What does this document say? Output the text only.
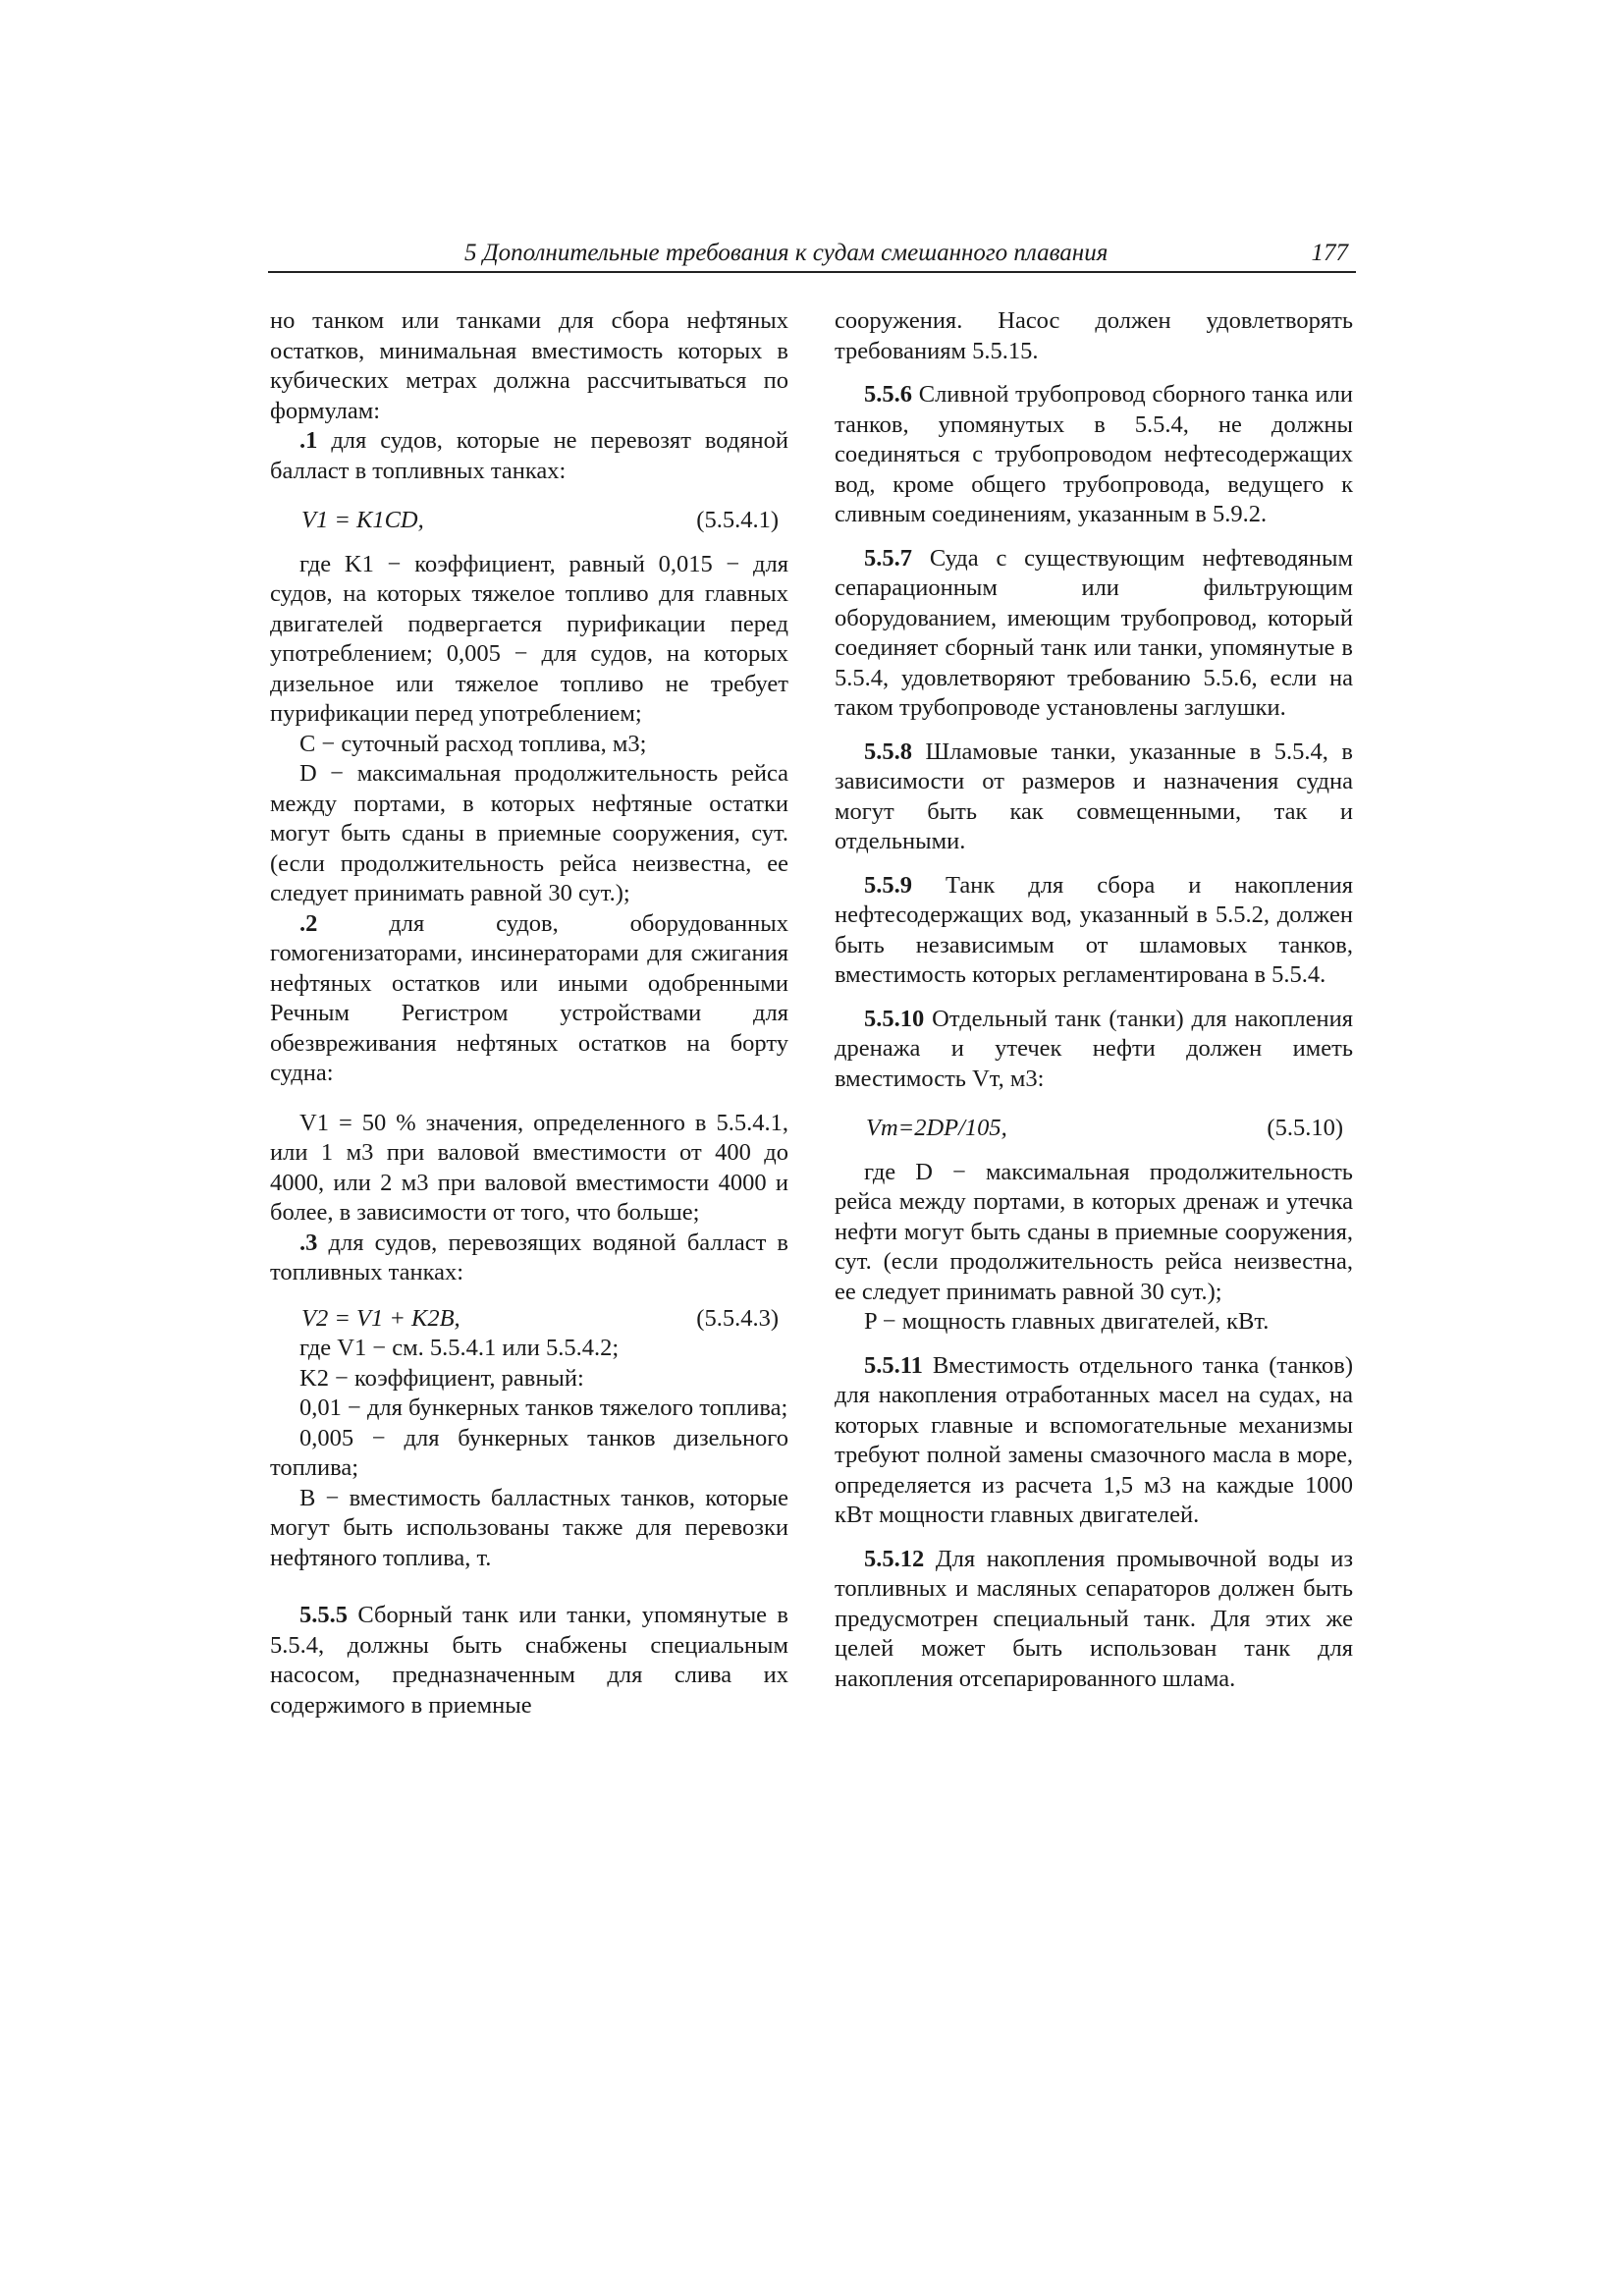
5 Дополнительные требования к судам смешанного плавания	177

но танком или танками для сбора нефтяных остатков, минимальная вместимость которых в кубических метрах должна рассчитываться по формулам:

.1 для судов, которые не перевозят водяной балласт в топливных танках:

V1 = K1CD,	(5.5.4.1)

где K1 − коэффициент, равный 0,015 − для судов, на которых тяжелое топливо для главных двигателей подвергается пурификации перед употреблением; 0,005 − для судов, на которых дизельное или тяжелое топливо не требует пурификации перед употреблением;

C − суточный расход топлива, м3;

D − максимальная продолжительность рейса между портами, в которых нефтяные остатки могут быть сданы в приемные сооружения, сут. (если продолжительность рейса неизвестна, ее следует принимать равной 30 сут.);

.2 для судов, оборудованных гомогенизаторами, инсинераторами для сжигания нефтяных остатков или иными одобренными Речным Регистром устройствами для обезвреживания нефтяных остатков на борту судна:

V1 = 50 % значения, определенного в 5.5.4.1, или 1 м3 при валовой вместимости от 400 до 4000, или 2 м3 при валовой вместимости 4000 и более, в зависимости от того, что больше;

.3 для судов, перевозящих водяной балласт в топливных танках:

V2 = V1 + K2B,	(5.5.4.3)

где V1 − см. 5.5.4.1 или 5.5.4.2;

K2 − коэффициент, равный:

0,01 − для бункерных танков тяжелого топлива;

0,005 − для бункерных танков дизельного топлива;

B − вместимость балластных танков, которые могут быть использованы также для перевозки нефтяного топлива, т.

5.5.5 Сборный танк или танки, упомянутые в 5.5.4, должны быть снабжены специальным насосом, предназначенным для слива их содержимого в приемные

сооружения. Насос должен удовлетворять требованиям 5.5.15.

5.5.6 Сливной трубопровод сборного танка или танков, упомянутых в 5.5.4, не должны соединяться с трубопроводом нефтесодержащих вод, кроме общего трубопровода, ведущего к сливным соединениям, указанным в 5.9.2.

5.5.7 Суда с существующим нефтеводяным сепарационным или фильтрующим оборудованием, имеющим трубопровод, который соединяет сборный танк или танки, упомянутые в 5.5.4, удовлетворяют требованию 5.5.6, если на таком трубопроводе установлены заглушки.

5.5.8 Шламовые танки, указанные в 5.5.4, в зависимости от размеров и назначения судна могут быть как совмещенными, так и отдельными.

5.5.9 Танк для сбора и накопления нефтесодержащих вод, указанный в 5.5.2, должен быть независимым от шламовых танков, вместимость которых регламентирована в 5.5.4.

5.5.10 Отдельный танк (танки) для накопления дренажа и утечек нефти должен иметь вместимость Vт, м3:

Vт=2DP/105,	(5.5.10)

где D − максимальная продолжительность рейса между портами, в которых дренаж и утечка нефти могут быть сданы в приемные сооружения, сут. (если продолжительность рейса неизвестна, ее следует принимать равной 30 сут.);

P − мощность главных двигателей, кВт.

5.5.11 Вместимость отдельного танка (танков) для накопления отработанных масел на судах, на которых главные и вспомогательные механизмы требуют полной замены смазочного масла в море, определяется из расчета 1,5 м3 на каждые 1000 кВт мощности главных двигателей.

5.5.12 Для накопления промывочной воды из топливных и масляных сепараторов должен быть предусмотрен специальный танк. Для этих же целей может быть использован танк для накопления отсепарированного шлама.
